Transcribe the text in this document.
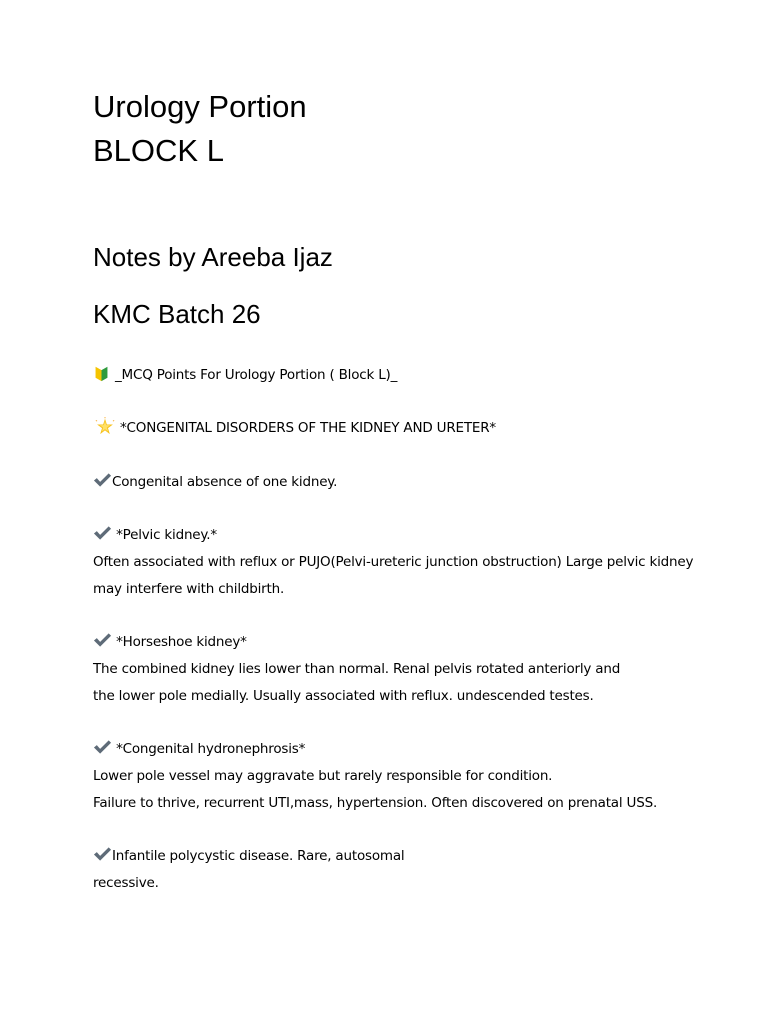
Urology Portion
BLOCK L
Notes by Areeba Ijaz
KMC Batch 26
_MCQ Points For Urology Portion ( Block L)_
*CONGENITAL DISORDERS OF THE KIDNEY AND URETER*
Congenital absence of one kidney.
*Pelvic kidney.*
Often associated with reflux or PUJO(Pelvi-ureteric junction obstruction) Large pelvic kidney
may interfere with childbirth.
*Horseshoe kidney*
The combined kidney lies lower than normal. Renal pelvis rotated anteriorly and
the lower pole medially. Usually associated with reflux. undescended testes.
*Congenital hydronephrosis*
Lower pole vessel may aggravate but rarely responsible for condition.
Failure to thrive, recurrent UTI,mass, hypertension. Often discovered on prenatal USS.
Infantile polycystic disease. Rare, autosomal
recessive.
